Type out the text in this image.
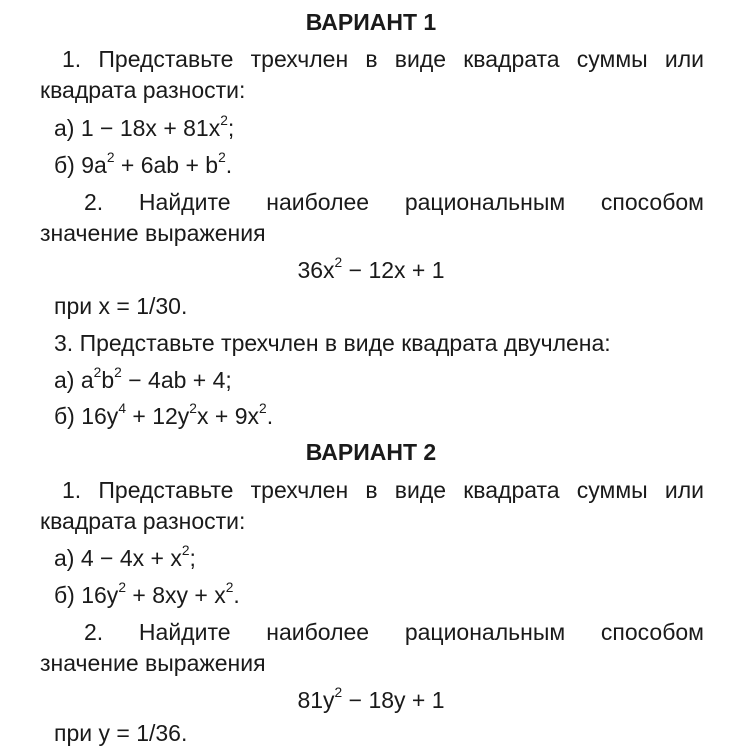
ВАРИАНТ 1
1. Представьте трехчлен в виде квадрата суммы или
квадрата разности:
а) $1 - 18x + 81x^2$;
б) $9a^2 + 6ab + b^2$.
2. Найдите наиболее рациональным способом
значение выражения
$36x^2 - 12x + 1$
при x = 1/30.
3. Представьте трехчлен в виде квадрата двучлена:
а) $a^2b^2 - 4ab + 4$;
б) $16y^4 + 12y^2x + 9x^2$.
ВАРИАНТ 2
1. Представьте трехчлен в виде квадрата суммы или
квадрата разности:
а) $4 - 4x + x^2$;
б) $16y^2 + 8xy + x^2$.
2. Найдите наиболее рациональным способом
значение выражения
$81y^2 - 18y + 1$
при y = 1/36.
